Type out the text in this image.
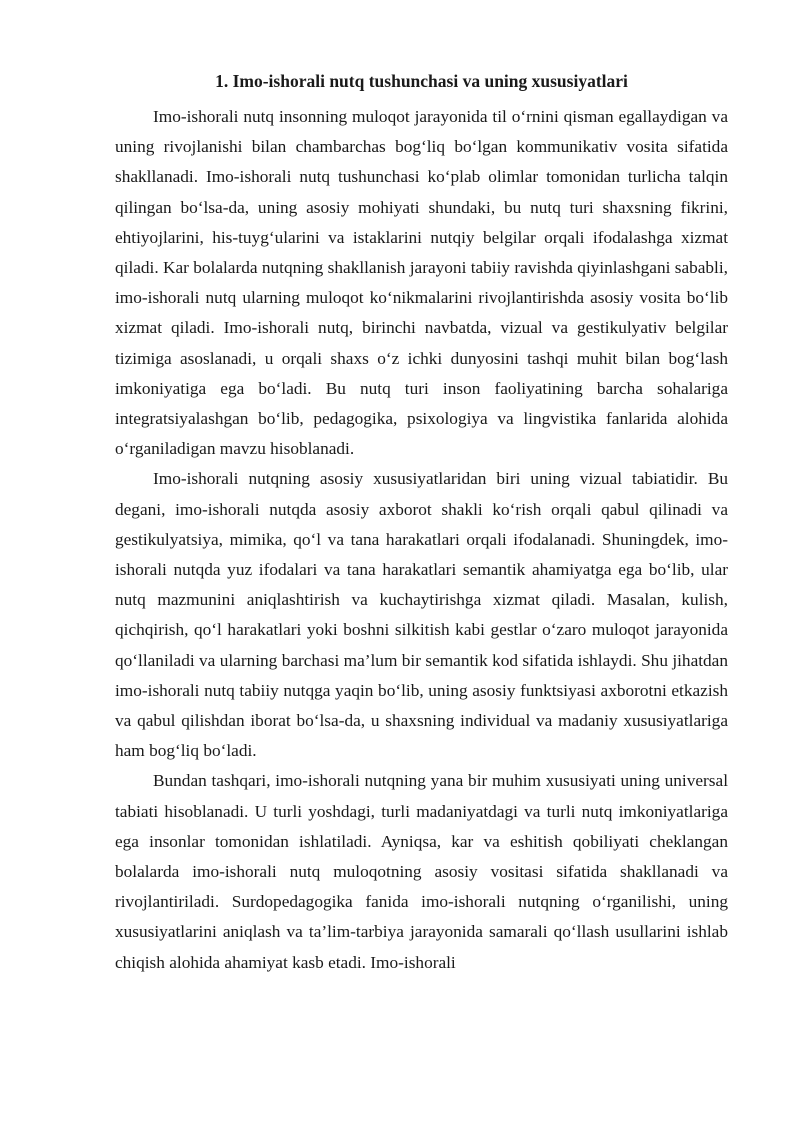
1. Imo-ishorali nutq tushunchasi va uning xususiyatlari

Imo-ishorali nutq insonning muloqot jarayonida til o‘rnini qisman egallaydigan va uning rivojlanishi bilan chambarchas bog‘liq bo‘lgan kommunikativ vosita sifatida shakllanadi. Imo-ishorali nutq tushunchasi ko‘plab olimlar tomonidan turlicha talqin qilingan bo‘lsa-da, uning asosiy mohiyati shundaki, bu nutq turi shaxsning fikrini, ehtiyojlarini, his-tuyg‘ularini va istaklarini nutqiy belgilar orqali ifodalashga xizmat qiladi. Kar bolalarda nutqning shakllanish jarayoni tabiiy ravishda qiyinlashgani sababli, imo-ishorali nutq ularning muloqot ko‘nikmalarini rivojlantirishda asosiy vosita bo‘lib xizmat qiladi. Imo-ishorali nutq, birinchi navbatda, vizual va gestikulyativ belgilar tizimiga asoslanadi, u orqali shaxs o‘z ichki dunyosini tashqi muhit bilan bog‘lash imkoniyatiga ega bo‘ladi. Bu nutq turi inson faoliyatining barcha sohalariga integratsiyalashgan bo‘lib, pedagogika, psixologiya va lingvistika fanlarida alohida o‘rganiladigan mavzu hisoblanadi.

Imo-ishorali nutqning asosiy xususiyatlaridan biri uning vizual tabiatidir. Bu degani, imo-ishorali nutqda asosiy axborot shakli ko‘rish orqali qabul qilinadi va gestikulyatsiya, mimika, qo‘l va tana harakatlari orqali ifodalanadi. Shuningdek, imo-ishorali nutqda yuz ifodalari va tana harakatlari semantik ahamiyatga ega bo‘lib, ular nutq mazmunini aniqlashtirish va kuchaytirishga xizmat qiladi. Masalan, kulish, qichqirish, qo‘l harakatlari yoki boshni silkitish kabi gestlar o‘zaro muloqot jarayonida qo‘llaniladi va ularning barchasi ma’lum bir semantik kod sifatida ishlaydi. Shu jihatdan imo-ishorali nutq tabiiy nutqga yaqin bo‘lib, uning asosiy funktsiyasi axborotni etkazish va qabul qilishdan iborat bo‘lsa-da, u shaxsning individual va madaniy xususiyatlariga ham bog‘liq bo‘ladi.

Bundan tashqari, imo-ishorali nutqning yana bir muhim xususiyati uning universal tabiati hisoblanadi. U turli yoshdagi, turli madaniyatdagi va turli nutq imkoniyatlariga ega insonlar tomonidan ishlatiladi. Ayniqsa, kar va eshitish qobiliyati cheklangan bolalarda imo-ishorali nutq muloqotning asosiy vositasi sifatida shakllanadi va rivojlantiriladi. Surdopedagogika fanida imo-ishorali nutqning o‘rganilishi, uning xususiyatlarini aniqlash va ta’lim-tarbiya jarayonida samarali qo‘llash usullarini ishlab chiqish alohida ahamiyat kasb etadi. Imo-ishorali
